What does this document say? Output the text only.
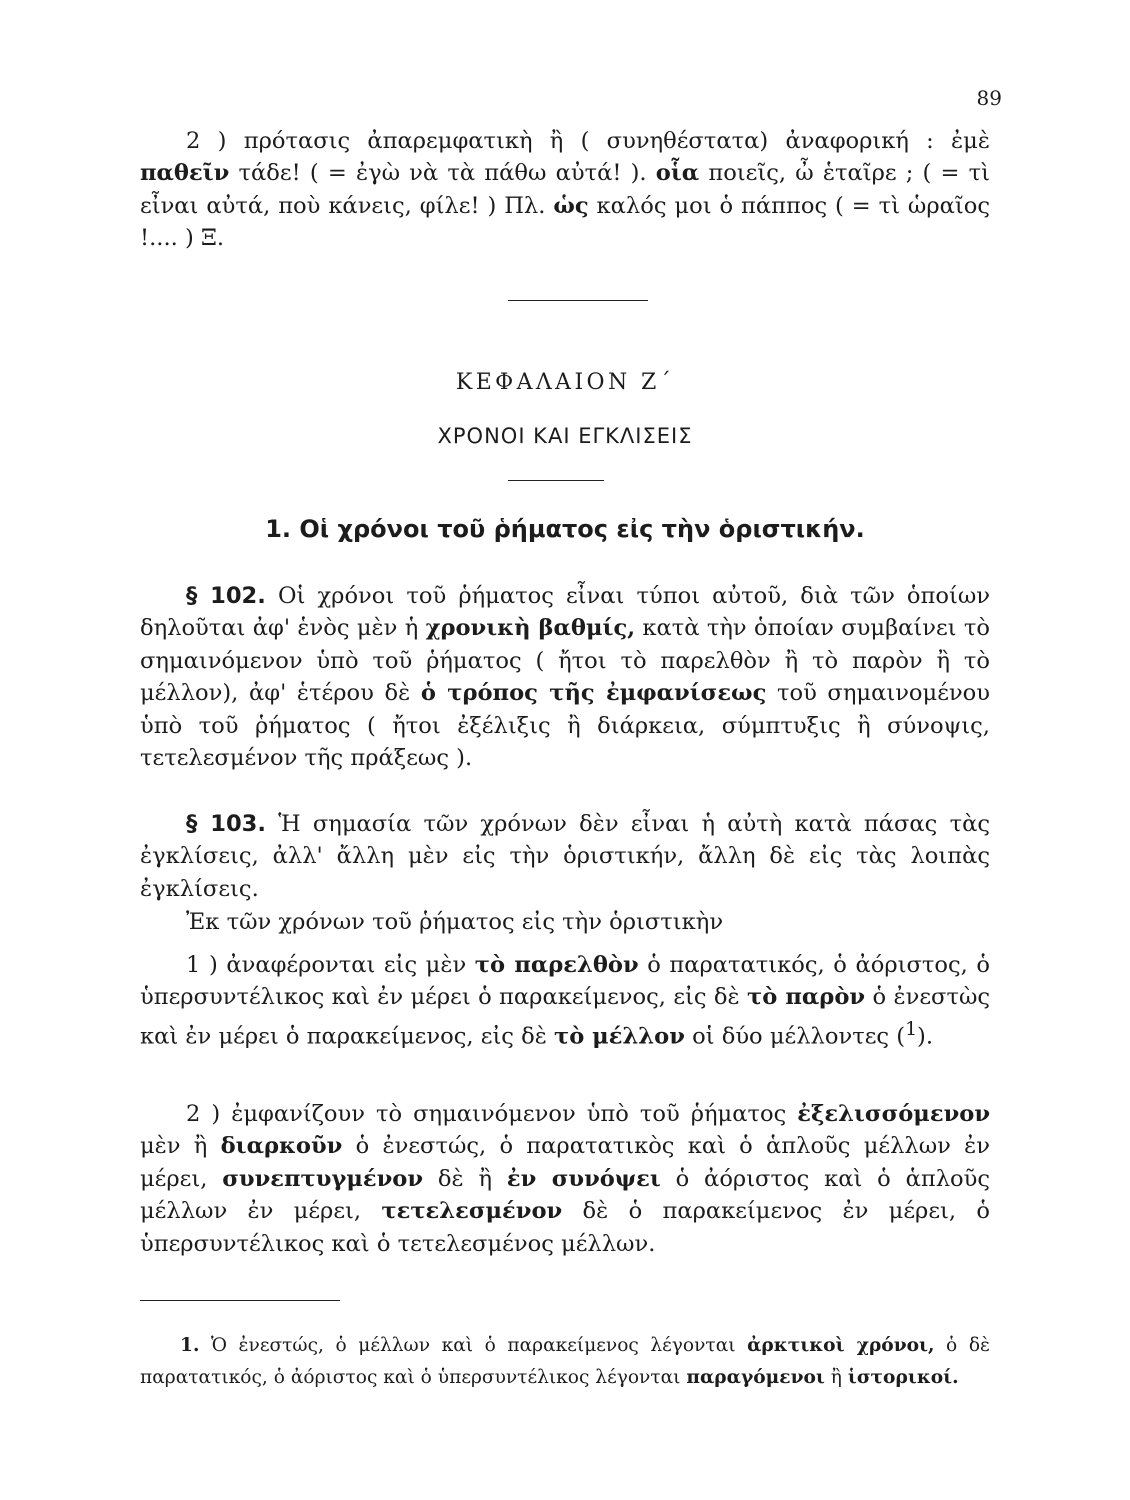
89

2 ) πρότασις ἀπαρεμφατικὴ ἢ ( συνηθέστατα) ἀναφορική : ἐμὲ παθεῖν τάδε! ( = ἐγὼ νὰ τὰ πάθω αὐτά! ). οἷα ποιεῖς, ὦ ἑταῖρε ; ( = τὶ εἶναι αὐτά, ποὺ κάνεις, φίλε! ) Πλ. ὡς καλός μοι ὁ πάππος ( = τὶ ὡραῖος !.... ) Ξ.

ΚΕΦΑΛΑΙΟΝ Ζ΄

ΧΡΟΝΟΙ ΚΑΙ ΕΓΚΛΙΣΕΙΣ

1. Οἱ χρόνοι τοῦ ῥήματος εἰς τὴν ὁριστικήν.

§ 102. Οἱ χρόνοι τοῦ ῥήματος εἶναι τύποι αὐτοῦ, διὰ τῶν ὁποίων δηλοῦται ἀφ' ἑνὸς μὲν ἡ χρονικὴ βαθμίς, κατὰ τὴν ὁποίαν συμβαίνει τὸ σημαινόμενον ὑπὸ τοῦ ῥήματος ( ἤτοι τὸ παρελθὸν ἢ τὸ παρὸν ἢ τὸ μέλλον), ἀφ' ἑτέρου δὲ ὁ τρόπος τῆς ἐμφανίσεως τοῦ σημαινομένου ὑπὸ τοῦ ῥήματος ( ἤτοι ἐξέλιξις ἢ διάρκεια, σύμπτυξις ἢ σύνοψις, τετελεσμένον τῆς πράξεως ).

§ 103. Ἡ σημασία τῶν χρόνων δὲν εἶναι ἡ αὐτὴ κατὰ πάσας τὰς ἐγκλίσεις, ἀλλ' ἄλλη μὲν εἰς τὴν ὁριστικήν, ἄλλη δὲ εἰς τὰς λοιπὰς ἐγκλίσεις.

Ἐκ τῶν χρόνων τοῦ ῥήματος εἰς τὴν ὁριστικὴν

1 ) ἀναφέρονται εἰς μὲν τὸ παρελθὸν ὁ παρατατικός, ὁ ἀόριστος, ὁ ὑπερσυντέλικος καὶ ἐν μέρει ὁ παρακείμενος, εἰς δὲ τὸ παρὸν ὁ ἐνεστὼς καὶ ἐν μέρει ὁ παρακείμενος, εἰς δὲ τὸ μέλλον οἱ δύο μέλλοντες ($^1$).

2 ) ἐμφανίζουν τὸ σημαινόμενον ὑπὸ τοῦ ῥήματος ἐξελισσόμενον μὲν ἢ διαρκοῦν ὁ ἐνεστώς, ὁ παρατατικὸς καὶ ὁ ἁπλοῦς μέλλων ἐν μέρει, συνεπτυγμένον δὲ ἢ ἐν συνόψει ὁ ἀόριστος καὶ ὁ ἁπλοῦς μέλλων ἐν μέρει, τετελεσμένον δὲ ὁ παρακείμενος ἐν μέρει, ὁ ὑπερσυντέλικος καὶ ὁ τετελεσμένος μέλλων.

1. Ὁ ἐνεστώς, ὁ μέλλων καὶ ὁ παρακείμενος λέγονται ἀρκτικοὶ χρόνοι, ὁ δὲ παρατατικός, ὁ ἀόριστος καὶ ὁ ὑπερσυντέλικος λέγονται παραγόμενοι ἢ ἱστορικοί.
